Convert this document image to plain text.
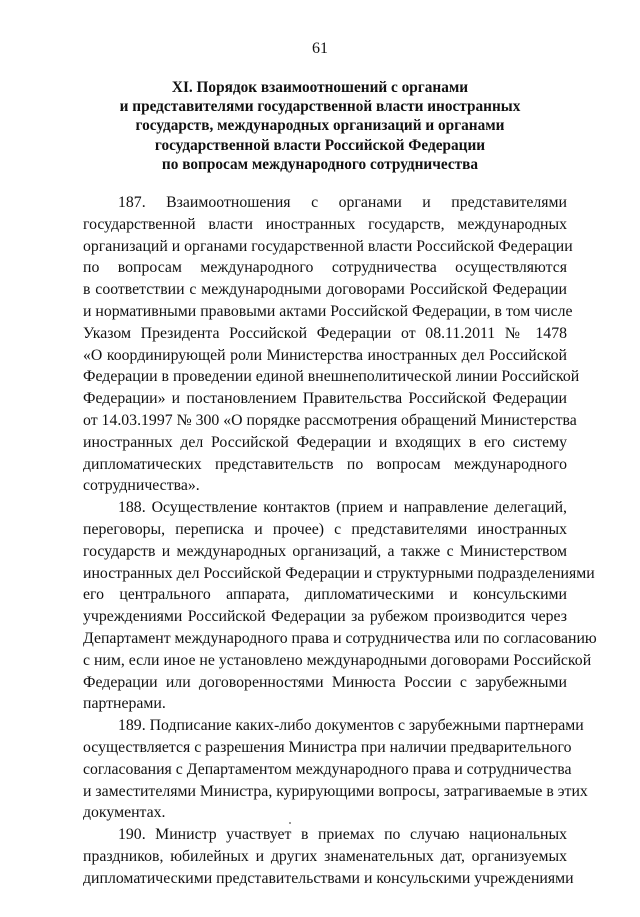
61
XI. Порядок взаимоотношений с органами
и представителями государственной власти иностранных
государств, международных организаций и органами
государственной власти Российской Федерации
по вопросам международного сотрудничества
187. Взаимоотношения с органами и представителями
государственной власти иностранных государств, международных
организаций и органами государственной власти Российской Федерации
по вопросам международного сотрудничества осуществляются
в соответствии с международными договорами Российской Федерации
и нормативными правовыми актами Российской Федерации, в том числе
Указом Президента Российской Федерации от 08.11.2011 № 1478
«О координирующей роли Министерства иностранных дел Российской
Федерации в проведении единой внешнеполитической линии Российской
Федерации» и постановлением Правительства Российской Федерации
от 14.03.1997 № 300 «О порядке рассмотрения обращений Министерства
иностранных дел Российской Федерации и входящих в его систему
дипломатических представительств по вопросам международного
сотрудничества».
188. Осуществление контактов (прием и направление делегаций,
переговоры, переписка и прочее) с представителями иностранных
государств и международных организаций, а также с Министерством
иностранных дел Российской Федерации и структурными подразделениями
его центрального аппарата, дипломатическими и консульскими
учреждениями Российской Федерации за рубежом производится через
Департамент международного права и сотрудничества или по согласованию
с ним, если иное не установлено международными договорами Российской
Федерации или договоренностями Минюста России с зарубежными
партнерами.
189. Подписание каких-либо документов с зарубежными партнерами
осуществляется с разрешения Министра при наличии предварительного
согласования с Департаментом международного права и сотрудничества
и заместителями Министра, курирующими вопросы, затрагиваемые в этих
документах.
190. Министр участвует в приемах по случаю национальных
праздников, юбилейных и других знаменательных дат, организуемых
дипломатическими представительствами и консульскими учреждениями
